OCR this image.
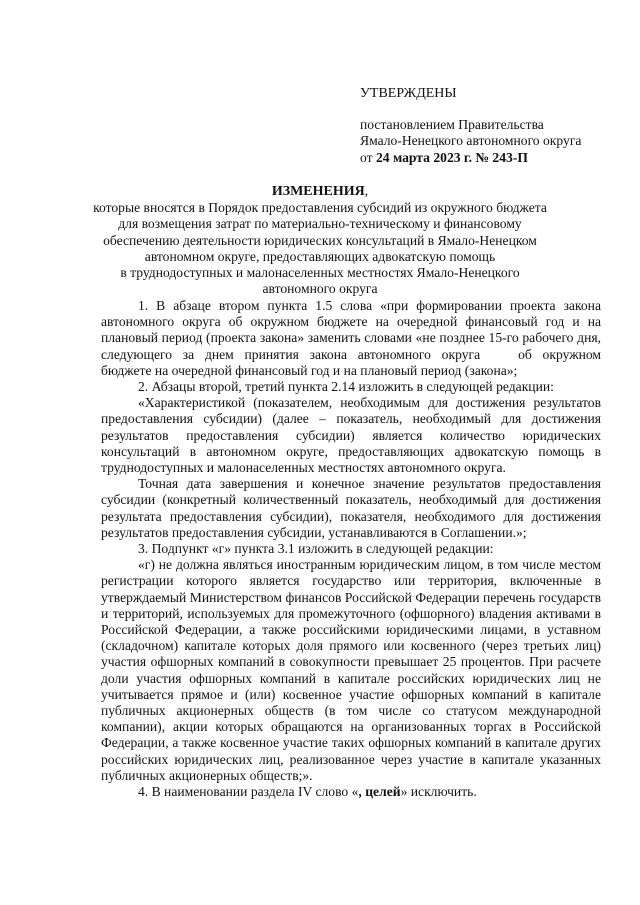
УТВЕРЖДЕНЫ
постановлением Правительства
Ямало-Ненецкого автономного округа
от 24 марта 2023 г. № 243-П
ИЗМЕНЕНИЯ,
которые вносятся в Порядок предоставления субсидий из окружного бюджета
для возмещения затрат по материально-техническому и финансовому
обеспечению деятельности юридических консультаций в Ямало-Ненецком
автономном округе, предоставляющих адвокатскую помощь
в труднодоступных и малонаселенных местностях Ямало-Ненецкого
автономного округа

1. В абзаце втором пункта 1.5 слова «при формировании проекта закона автономного округа об окружном бюджете на очередной финансовый год и на плановый период (проекта закона» заменить словами «не позднее 15-го рабочего дня, следующего за днем принятия закона автономного округа	об окружном бюджете на очередной финансовый год и на плановый период (закона»;

2. Абзацы второй, третий пункта 2.14 изложить в следующей редакции:

«Характеристикой (показателем, необходимым для достижения результатов предоставления субсидии) (далее – показатель, необходимый для достижения результатов предоставления субсидии) является количество юридических консультаций в автономном округе, предоставляющих адвокатскую помощь в труднодоступных и малонаселенных местностях автономного округа.

Точная дата завершения и конечное значение результатов предоставления субсидии (конкретный количественный показатель, необходимый для достижения результата предоставления субсидии), показателя, необходимого для достижения результатов предоставления субсидии, устанавливаются в Соглашении.»;

3. Подпункт «г» пункта 3.1 изложить в следующей редакции:

«г) не должна являться иностранным юридическим лицом, в том числе местом регистрации которого является государство или территория, включенные в утверждаемый Министерством финансов Российской Федерации перечень государств и территорий, используемых для промежуточного (офшорного) владения активами в Российской Федерации, а также российскими юридическими лицами, в уставном (складочном) капитале которых доля прямого или косвенного (через третьих лиц) участия офшорных компаний в совокупности превышает 25 процентов. При расчете доли участия офшорных компаний в капитале российских юридических лиц не учитывается прямое и (или) косвенное участие офшорных компаний в капитале публичных акционерных обществ (в том числе со статусом международной компании), акции которых обращаются на организованных торгах в Российской Федерации, а также косвенное участие таких офшорных компаний в капитале других российских юридических лиц, реализованное через участие в капитале указанных публичных акционерных обществ;».

4. В наименовании раздела IV слово «, целей» исключить.
